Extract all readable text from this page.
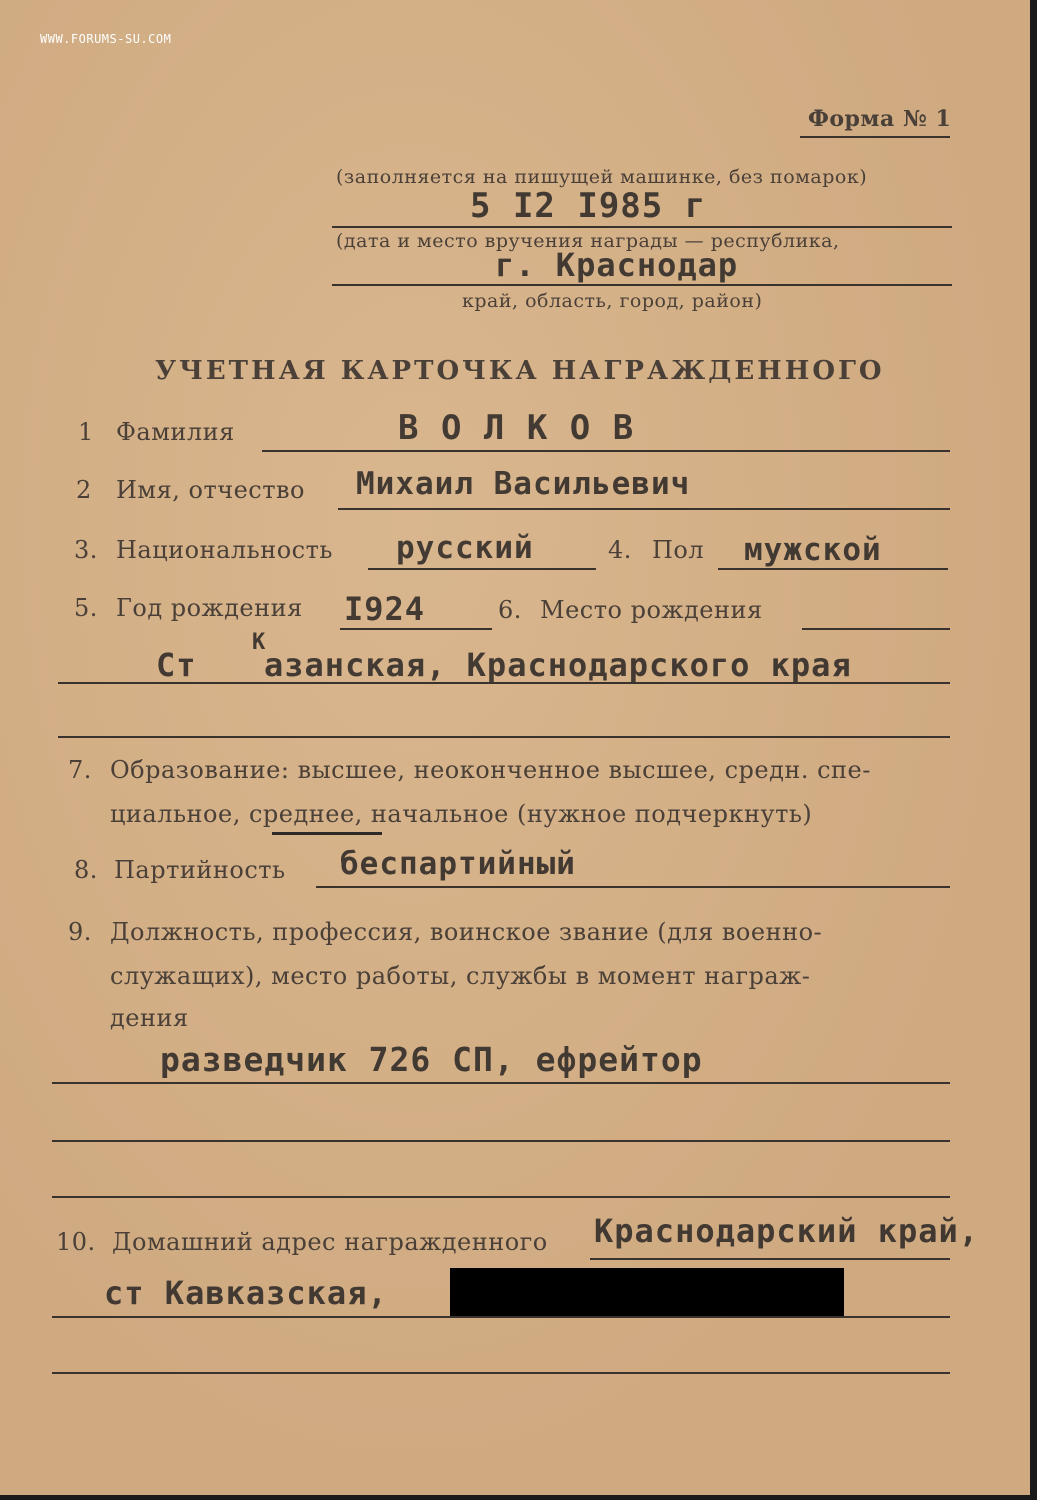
WWW.FORUMS-SU.COM
Форма № 1
(заполняется на пишущей машинке, без помарок)
5 I2 I985 г
(дата и место вручения награды — республика,
г. Краснодар
край, область, город, район)
УЧЕТНАЯ КАРТОЧКА НАГРАЖДЕННОГО
1 Фамилия	В О Л К О В
2 Имя, отчество Михаил Васильевич
3. Национальность русский	4. Пол мужской
5. Год рождения I924	6. Место рождения
Ст
К
азанская, Краснодарского края
7. Образование: высшее, неоконченное высшее, средн. спе-
циальное, среднее, начальное (нужное подчеркнуть)
8. Партийность беспартийный
9. Должность, профессия, воинское звание (для военно-
служащих), место работы, службы в момент награж-
дения
разведчик 726 СП, ефрейтор
10. Домашний адрес награжденного Краснодарский край,
ст Кавказская,
